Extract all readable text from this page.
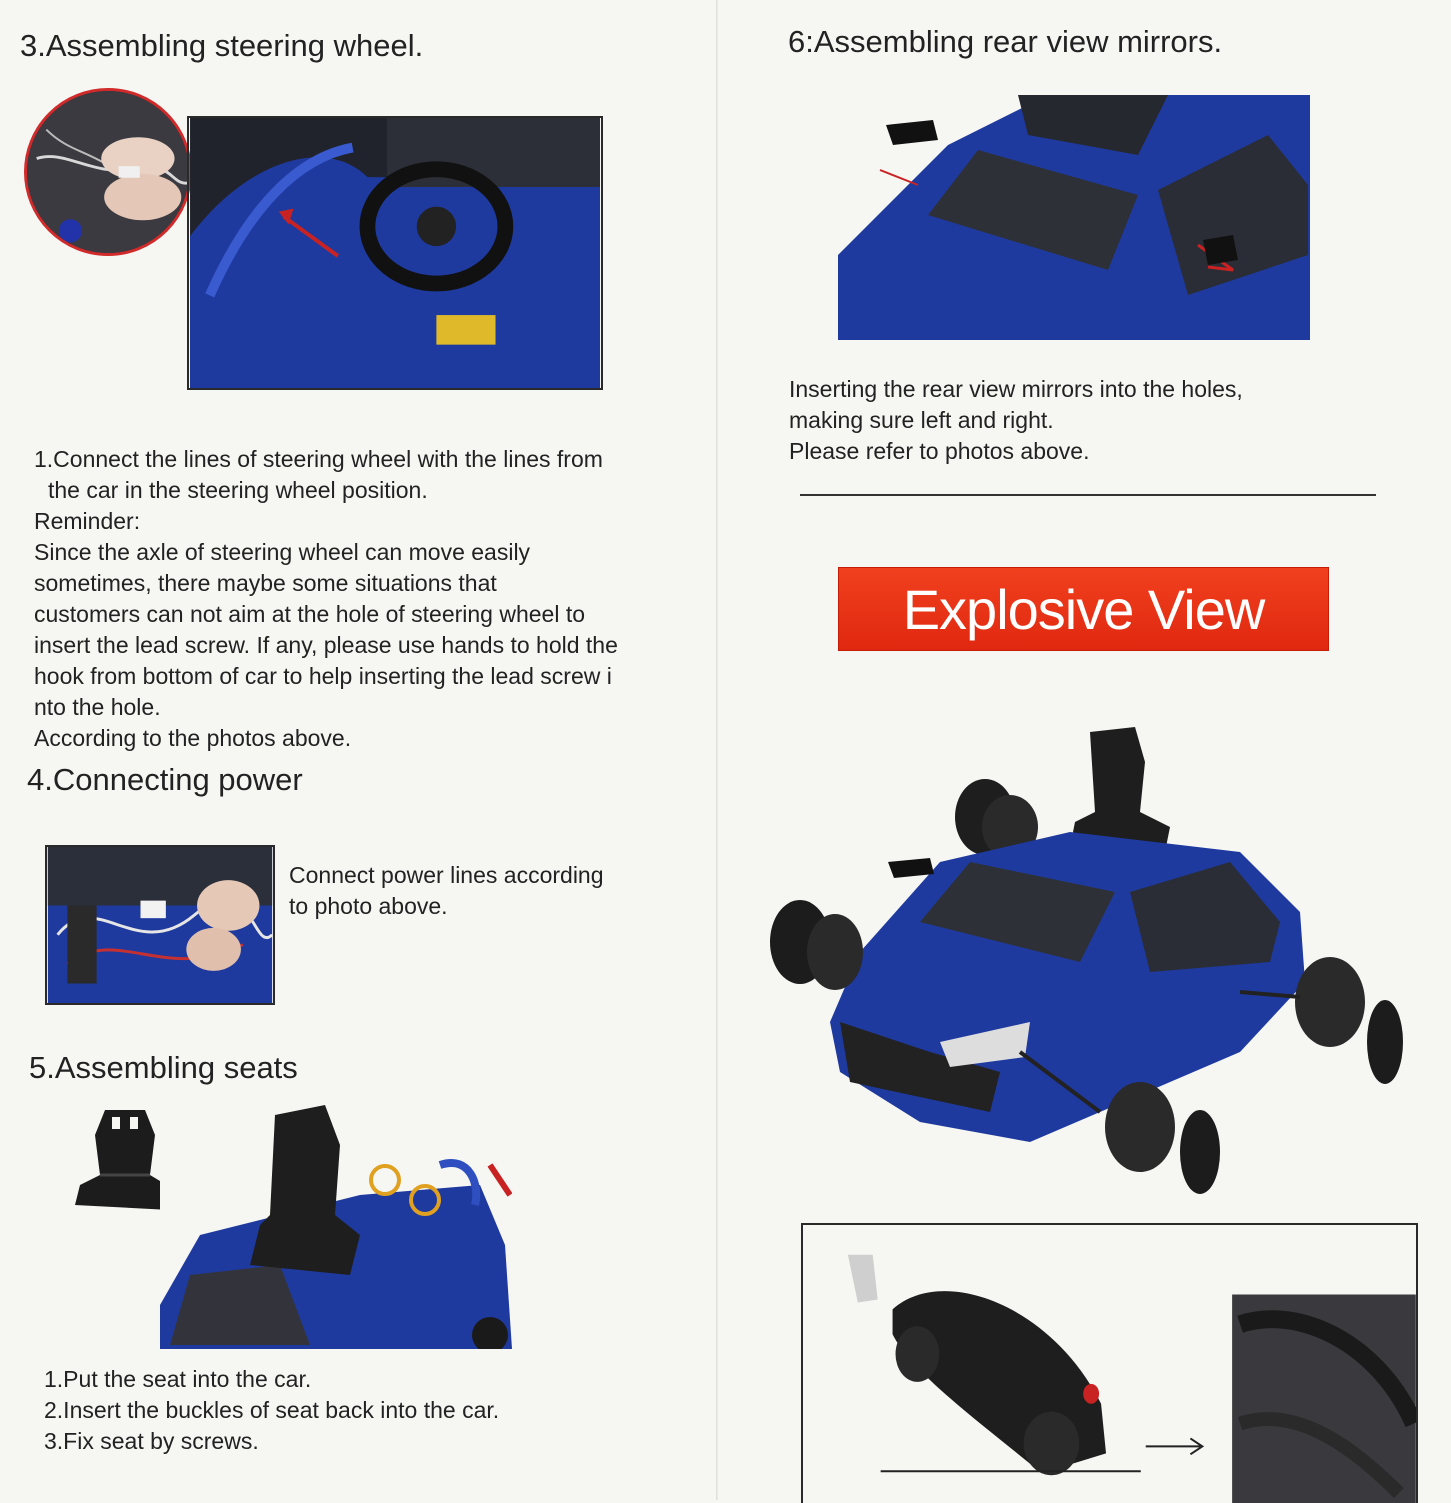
3.Assembling steering wheel.
1.Connect the lines of steering wheel with the lines from
the car in the steering wheel position.
Reminder:
Since the axle of steering wheel can move easily
sometimes, there maybe some situations that
customers can not aim at the hole of steering wheel to
insert the lead screw. If any, please use hands to hold the
hook from bottom of car to help inserting the lead screw i
nto the hole.
According to the photos above.
4.Connecting power
Connect power lines according
to photo above.
5.Assembling seats
1.Put the seat into the car.
2.Insert the buckles of seat back into the car.
3.Fix seat by screws.
6:Assembling rear view mirrors.
Inserting the rear view mirrors into the holes,
making sure left and right.
Please refer to photos above.
Explosive View
